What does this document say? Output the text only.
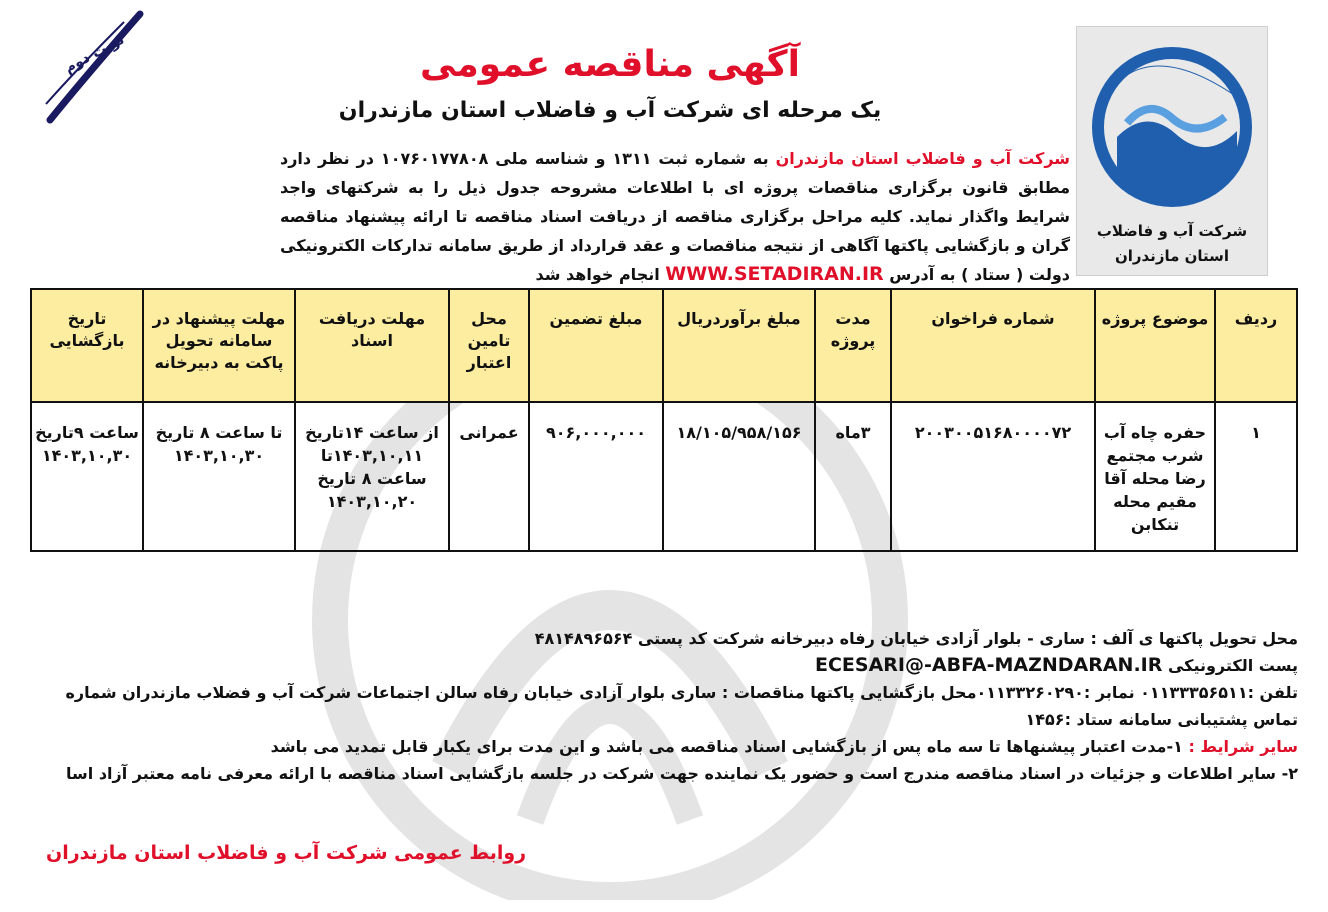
نوبت دوم
شرکت آب و فاضلاب
استان مازندران
آگهی مناقصه عمومی
یک مرحله ای شرکت آب و فاضلاب استان مازندران
شرکت آب و فاضلاب استان مازندران به شماره ثبت ۱۳۱۱ و شناسه ملی ۱۰۷۶۰۱۷۷۸۰۸ در نظر دارد مطابق قانون برگزاری مناقصات پروژه ای با اطلاعات مشروحه جدول ذیل را به شرکتهای واجد شرایط واگذار نماید. کلیه مراحل برگزاری مناقصه از دریافت اسناد مناقصه تا ارائه پیشنهاد مناقصه گران و بازگشایی پاکتها آگاهی از نتیجه مناقصات و عقد قرارداد از طریق سامانه تدارکات الکترونیکی دولت ( ستاد ) به آدرس WWW.SETADIRAN.IR انجام خواهد شد
ردیف	موضوع پروژه	شماره فراخوان	مدت پروژه	مبلغ برآوردریال	مبلغ تضمین	محل تامین اعتبار	مهلت دریافت اسناد	مهلت پیشنهاد در سامانه تحویل پاکت به دبیرخانه	تاریخ بازگشایی
۱	حفره چاه آب شرب مجتمع رضا محله آقا مقیم محله تنکابن	۲۰۰۳۰۰۵۱۶۸۰۰۰۰۷۲	۳ماه	۱۸/۱۰۵/۹۵۸/۱۵۶	۹۰۶,۰۰۰,۰۰۰	عمرانی	از ساعت ۱۴تاریخ ۱۴۰۳,۱۰,۱۱تا ساعت ۸ تاریخ ۱۴۰۳,۱۰,۲۰	تا ساعت ۸ تاریخ ۱۴۰۳,۱۰,۳۰	ساعت ۹تاریخ ۱۴۰۳,۱۰,۳۰

محل تحویل پاکتها ی آلف : ساری - بلوار آزادی خیابان رفاه دبیرخانه شرکت کد پستی ۴۸۱۴۸۹۶۵۶۴

پست الکترونیکی ECESARI@-ABFA-MAZNDARAN.IR

تلفن :۰۱۱۳۳۳۵۶۵۱۱ نمابر :۰۱۱۳۳۲۶۰۲۹۰محل بازگشایی پاکتها مناقصات : ساری بلوار آزادی خیابان رفاه سالن اجتماعات شرکت آب و فضلاب مازندران شماره تماس پشتیبانی سامانه ستاد :۱۴۵۶

سایر شرایط : ۱-مدت اعتبار پیشنهاها تا سه ماه پس از بازگشایی اسناد مناقصه می باشد و این مدت برای یکبار قابل تمدید می باشد

۲- سایر اطلاعات و جزئیات در اسناد مناقصه مندرج است و حضور یک نماینده جهت شرکت در جلسه بازگشایی اسناد مناقصه با ارائه معرفی نامه معتبر آزاد اسا

روابط عمومی شرکت آب و فاضلاب استان مازندران
